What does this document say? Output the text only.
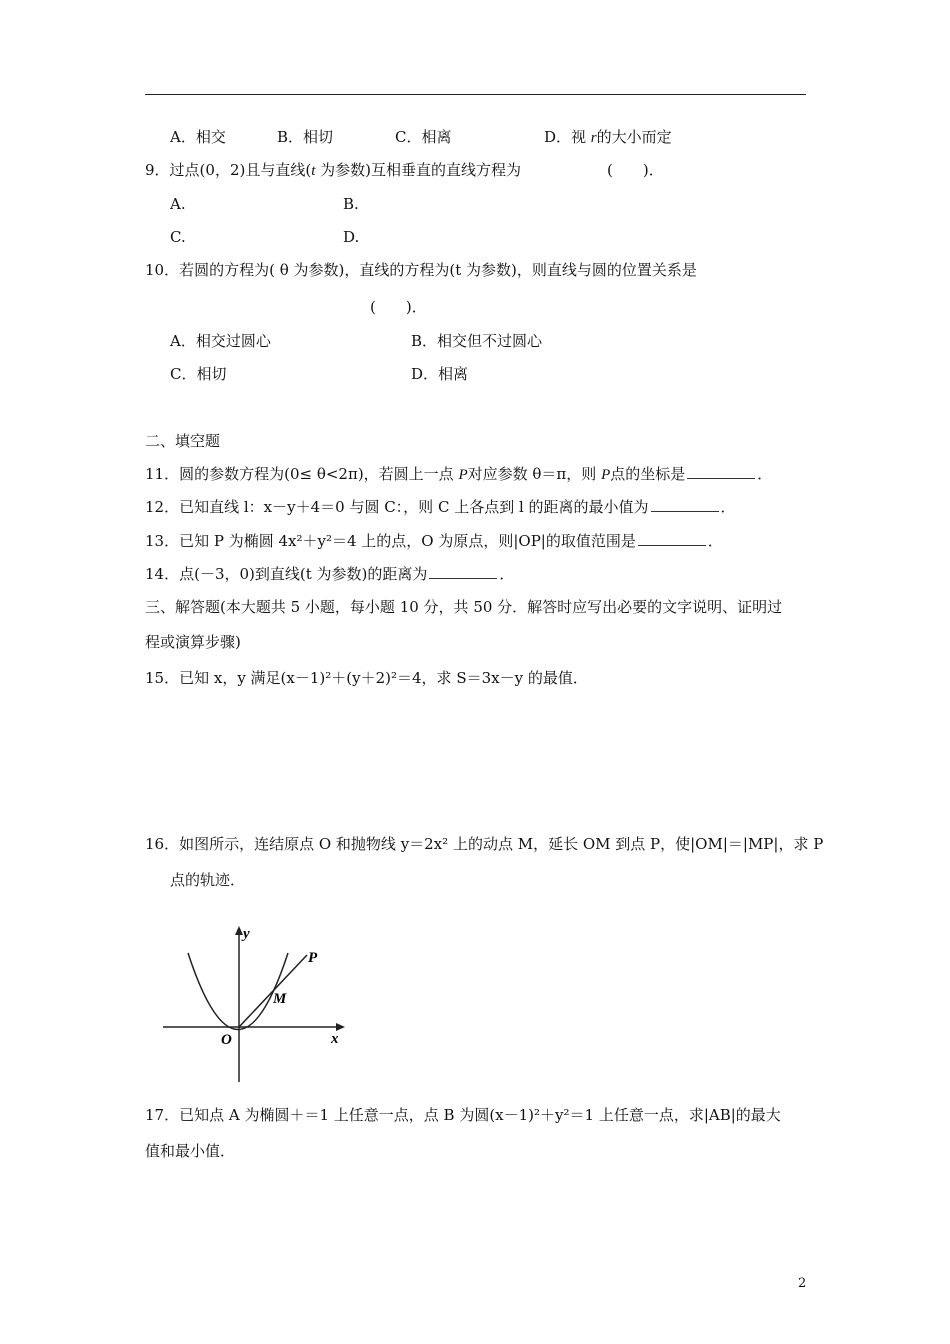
A．相交	B．相切	C．相离	D．视 r的大小而定
9．过点(0，2)且与直线(t 为参数)互相垂直的直线方程为	(　　)．
A.	B.
C.	D.
10．若圆的方程为( θ 为参数)，直线的方程为(t 为参数)，则直线与圆的位置关系是
(　　)．
A．相交过圆心	B．相交但不过圆心
C．相切	D．相离
二、填空题
11．圆的参数方程为(0≤ θ<2π)，若圆上一点 P对应参数 θ＝π，则 P点的坐标是	．
12．已知直线 l：x－y＋4＝0 与圆 C：，则 C 上各点到 l 的距离的最小值为	．
13．已知 P 为椭圆 4x²＋y²＝4 上的点，O 为原点，则|OP|的取值范围是	．
14．点(－3，0)到直线(t 为参数)的距离为	．
三、解答题(本大题共 5 小题，每小题 10 分，共 50 分．解答时应写出必要的文字说明、证明过
程或演算步骤)
15．已知 x，y 满足(x－1)²＋(y＋2)²＝4，求 S＝3x－y 的最值．
16．如图所示，连结原点 O 和抛物线 y＝2x² 上的动点 M，延长 OM 到点 P，使|OM|＝|MP|，求 P
点的轨迹．
y
x
O
M
P
17．已知点 A 为椭圆＋＝1 上任意一点，点 B 为圆(x－1)²＋y²＝1 上任意一点，求|AB|的最大
值和最小值．
2
